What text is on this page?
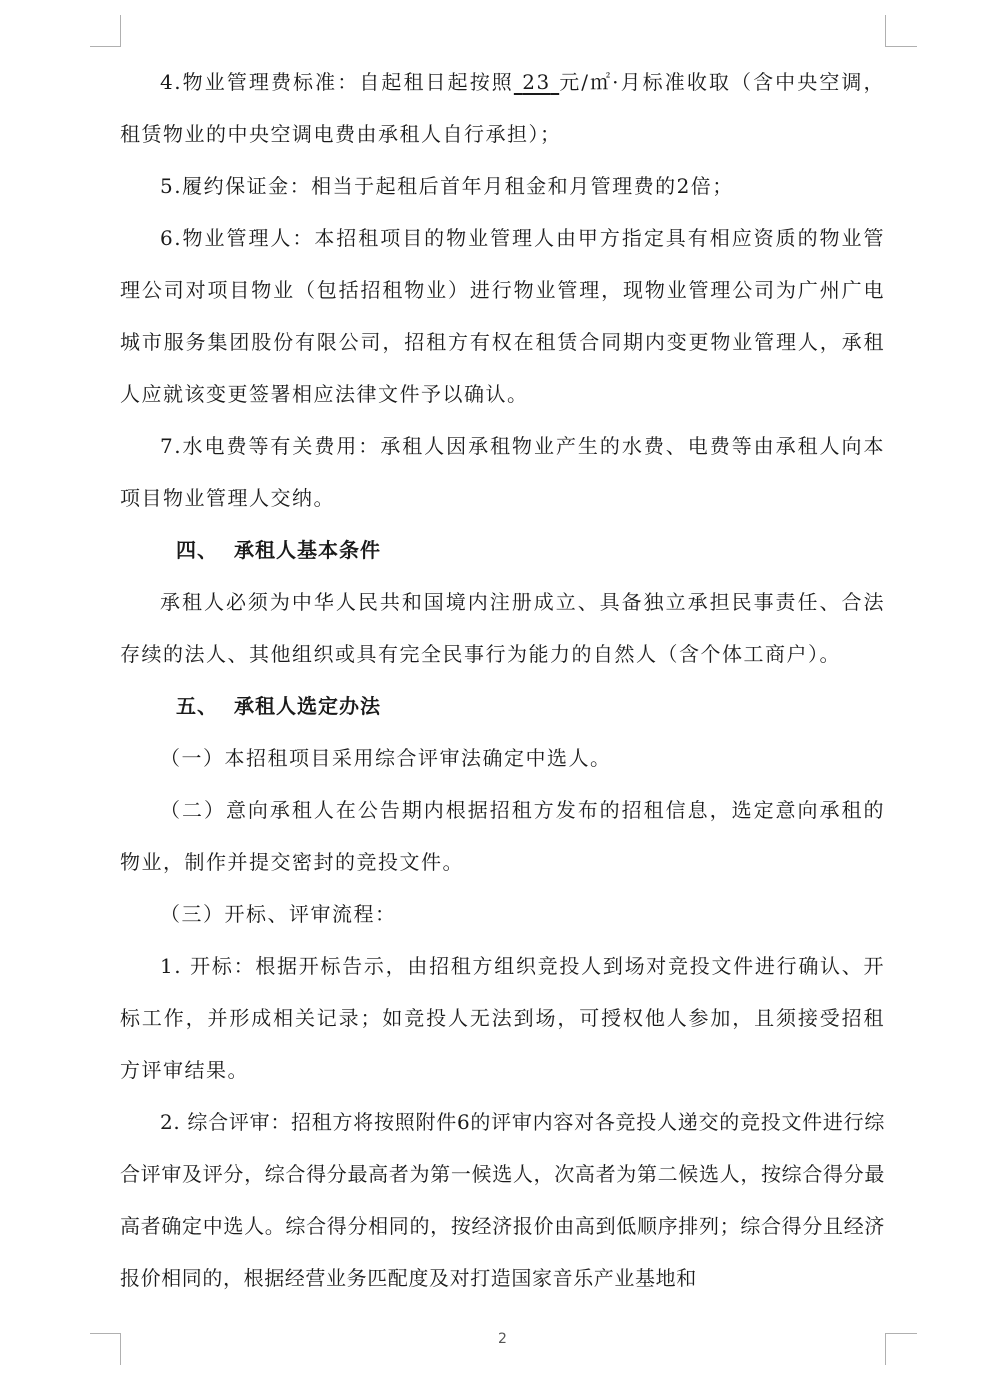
4.物业管理费标准：自起租日起按照 23 元/㎡·月标准收取（含中央空调，租赁物业的中央空调电费由承租人自行承担）；

5.履约保证金：相当于起租后首年月租金和月管理费的2倍；

6.物业管理人：本招租项目的物业管理人由甲方指定具有相应资质的物业管理公司对项目物业（包括招租物业）进行物业管理，现物业管理公司为广州广电城市服务集团股份有限公司，招租方有权在租赁合同期内变更物业管理人，承租人应就该变更签署相应法律文件予以确认。

7.水电费等有关费用：承租人因承租物业产生的水费、电费等由承租人向本项目物业管理人交纳。

四、 承租人基本条件

承租人必须为中华人民共和国境内注册成立、具备独立承担民事责任、合法存续的法人、其他组织或具有完全民事行为能力的自然人（含个体工商户）。

五、 承租人选定办法

（一）本招租项目采用综合评审法确定中选人。

（二）意向承租人在公告期内根据招租方发布的招租信息，选定意向承租的物业，制作并提交密封的竞投文件。

（三）开标、评审流程：

1. 开标：根据开标告示，由招租方组织竞投人到场对竞投文件进行确认、开标工作，并形成相关记录；如竞投人无法到场，可授权他人参加，且须接受招租方评审结果。

2. 综合评审：招租方将按照附件6的评审内容对各竞投人递交的竞投文件进行综合评审及评分，综合得分最高者为第一候选人，次高者为第二候选人，按综合得分最高者确定中选人。综合得分相同的，按经济报价由高到低顺序排列；综合得分且经济报价相同的，根据经营业务匹配度及对打造国家音乐产业基地和

2
